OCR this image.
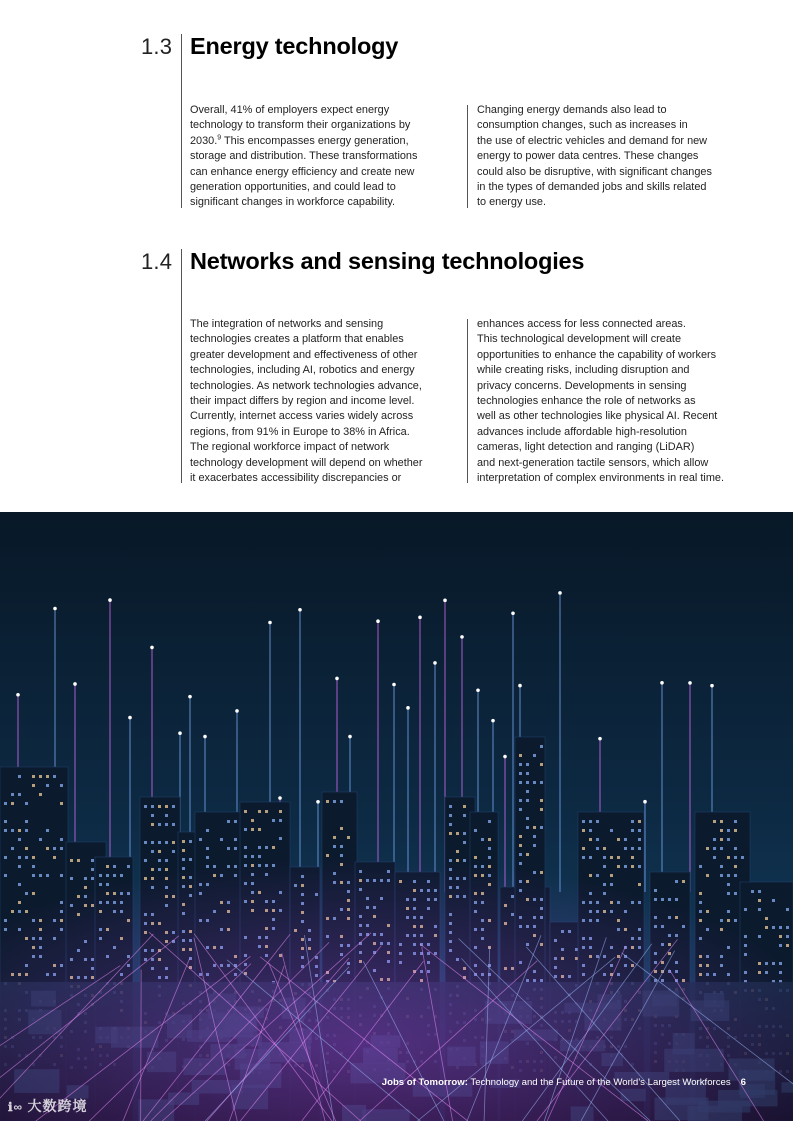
1.3 Energy technology

Overall, 41% of employers expect energy
technology to transform their organizations by
2030.$^9$ This encompasses energy generation,
storage and distribution. These transformations
can enhance energy efficiency and create new
generation opportunities, and could lead to
significant changes in workforce capability.

Changing energy demands also lead to
consumption changes, such as increases in
the use of electric vehicles and demand for new
energy to power data centres. These changes
could also be disruptive, with significant changes
in the types of demanded jobs and skills related
to energy use.

1.4 Networks and sensing technologies

The integration of networks and sensing
technologies creates a platform that enables
greater development and effectiveness of other
technologies, including AI, robotics and energy
technologies. As network technologies advance,
their impact differs by region and income level.
Currently, internet access varies widely across
regions, from 91% in Europe to 38% in Africa.
The regional workforce impact of network
technology development will depend on whether
it exacerbates accessibility discrepancies or

enhances access for less connected areas.
This technological development will create
opportunities to enhance the capability of workers
while creating risks, including disruption and
privacy concerns. Developments in sensing
technologies enhance the role of networks as
well as other technologies like physical AI. Recent
advances include affordable high-resolution
cameras, light detection and ranging (LiDAR)
and next-generation tactile sensors, which allow
interpretation of complex environments in real time.

Jobs of Tomorrow: Technology and the Future of the World’s Largest Workforces 6
ℹ∞ 大数跨境
